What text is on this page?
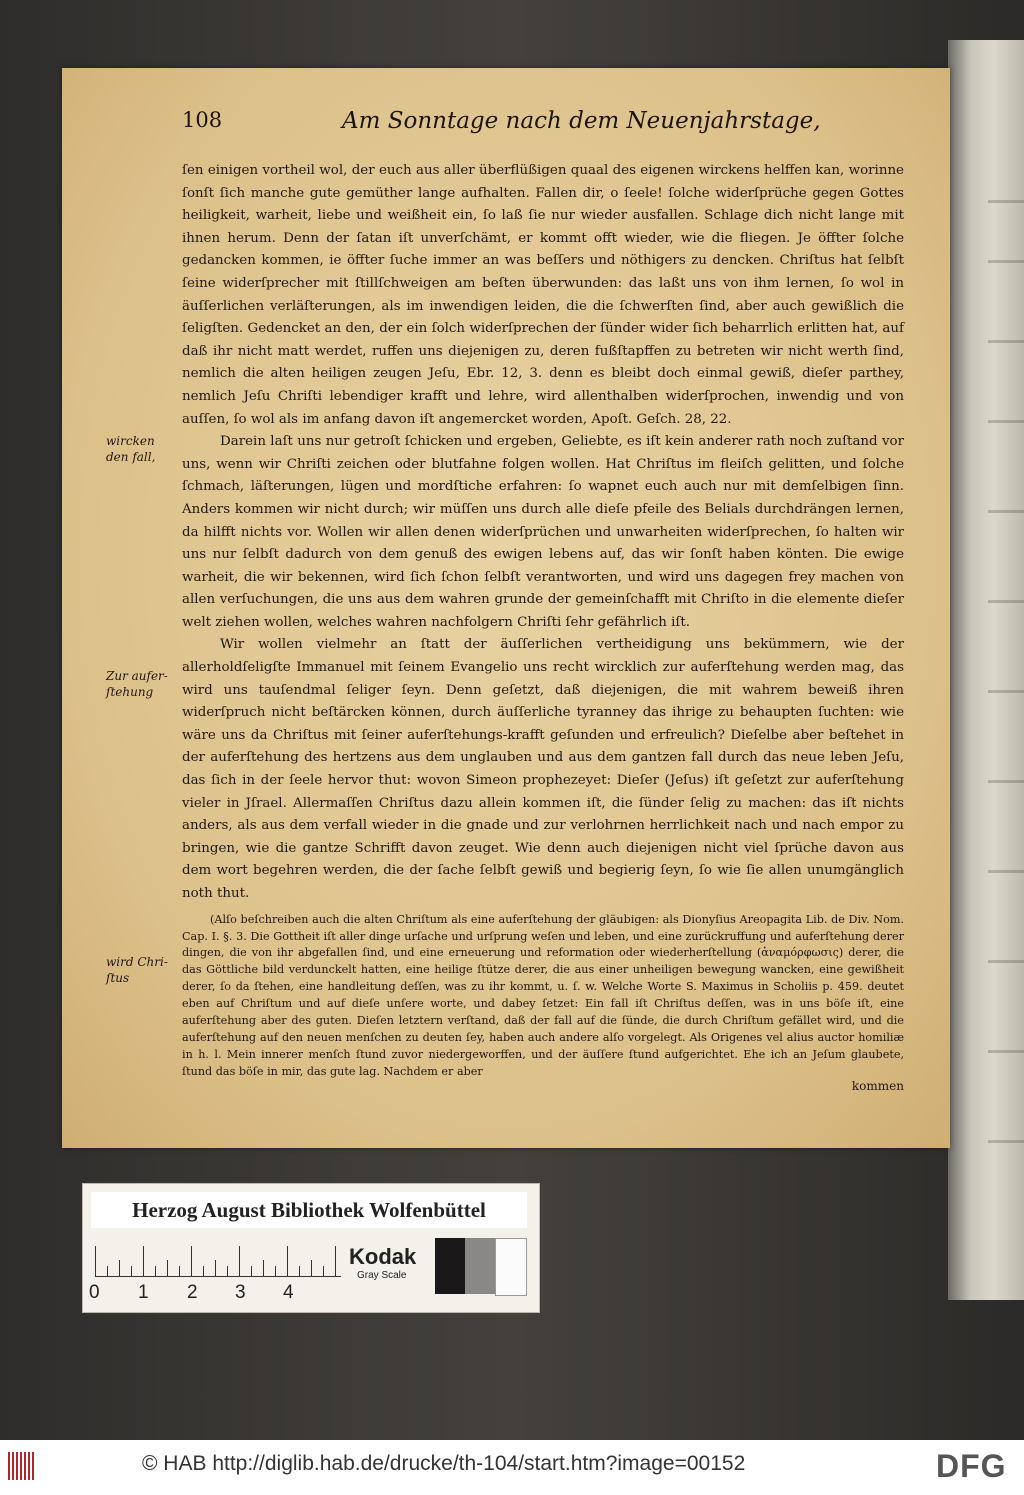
108	Am Sonntage nach dem Neuenjahrstage,
wircken den fall,
Zur aufer-ſtehung
wird Chri-ſtus

ſen einigen vortheil wol, der euch aus aller überflüßigen quaal des eigenen wirckens helffen kan, worinne ſonſt ſich manche gute gemüther lange aufhalten. Fallen dir, o ſeele! ſolche widerſprüche gegen Gottes heiligkeit, warheit, liebe und weißheit ein, ſo laß ſie nur wieder ausfallen. Schlage dich nicht lange mit ihnen herum. Denn der ſatan iſt unverſchämt, er kommt offt wieder, wie die fliegen. Je öffter ſolche gedancken kommen, ie öffter ſuche immer an was beſſers und nöthigers zu dencken. Chriſtus hat ſelbſt ſeine widerſprecher mit ſtillſchweigen am beſten überwunden: das laßt uns von ihm lernen, ſo wol in äuſſerlichen verläſterungen, als im inwendigen leiden, die die ſchwerſten ſind, aber auch gewißlich die ſeligſten. Gedencket an den, der ein ſolch widerſprechen der ſünder wider ſich beharrlich erlitten hat, auf daß ihr nicht matt werdet, ruffen uns diejenigen zu, deren fußſtapffen zu betreten wir nicht werth ſind, nemlich die alten heiligen zeugen Jeſu, Ebr. 12, 3. denn es bleibt doch einmal gewiß, dieſer parthey, nemlich Jeſu Chriſti lebendiger krafft und lehre, wird allenthalben widerſprochen, inwendig und von auſſen, ſo wol als im anfang davon iſt angemercket worden, Apoſt. Geſch. 28, 22.

Darein laſt uns nur getroſt ſchicken und ergeben, Geliebte, es iſt kein anderer rath noch zuſtand vor uns, wenn wir Chriſti zeichen oder blutfahne folgen wollen. Hat Chriſtus im fleiſch gelitten, und ſolche ſchmach, läſterungen, lügen und mordſtiche erfahren: ſo wapnet euch auch nur mit demſelbigen ſinn. Anders kommen wir nicht durch; wir müſſen uns durch alle dieſe pfeile des Belials durchdrängen lernen, da hilfft nichts vor. Wollen wir allen denen widerſprüchen und unwarheiten widerſprechen, ſo halten wir uns nur ſelbſt dadurch von dem genuß des ewigen lebens auf, das wir ſonſt haben könten. Die ewige warheit, die wir bekennen, wird ſich ſchon ſelbſt verantworten, und wird uns dagegen frey machen von allen verſuchungen, die uns aus dem wahren grunde der gemeinſchafft mit Chriſto in die elemente dieſer welt ziehen wollen, welches wahren nachfolgern Chriſti ſehr gefährlich iſt.

Wir wollen vielmehr an ſtatt der äuſſerlichen vertheidigung uns bekümmern, wie der allerholdſeligſte Immanuel mit ſeinem Evangelio uns recht wircklich zur auferſtehung werden mag, das wird uns tauſendmal ſeliger ſeyn. Denn geſetzt, daß diejenigen, die mit wahrem beweiß ihren widerſpruch nicht beſtärcken können, durch äuſſerliche tyranney das ihrige zu behaupten ſuchten: wie wäre uns da Chriſtus mit ſeiner auferſtehungs-krafft geſunden und erfreulich? Dieſelbe aber beſtehet in der auferſtehung des hertzens aus dem unglauben und aus dem gantzen fall durch das neue leben Jeſu, das ſich in der ſeele hervor thut: wovon Simeon prophezeyet: Dieſer (Jeſus) iſt geſetzt zur auferſtehung vieler in Jſrael. Allermaſſen Chriſtus dazu allein kommen iſt, die ſünder ſelig zu machen: das iſt nichts anders, als aus dem verfall wieder in die gnade und zur verlohrnen herrlichkeit nach und nach empor zu bringen, wie die gantze Schrifft davon zeuget. Wie denn auch diejenigen nicht viel ſprüche davon aus dem wort begehren werden, die der ſache ſelbſt gewiß und begierig ſeyn, ſo wie ſie allen unumgänglich noth thut.

(Alſo beſchreiben auch die alten Chriſtum als eine auferſtehung der gläubigen: als Dionyſius Areopagita Lib. de Div. Nom. Cap. I. §. 3. Die Gottheit iſt aller dinge urſache und urſprung weſen und leben, und eine zurückruffung und auferſtehung derer dingen, die von ihr abgefallen ſind, und eine erneuerung und reformation oder wiederherſtellung (ἀναμόρφωσις) derer, die das Göttliche bild verdunckelt hatten, eine heilige ſtütze derer, die aus einer unheiligen bewegung wancken, eine gewißheit derer, ſo da ſtehen, eine handleitung deſſen, was zu ihr kommt, u. ſ. w. Welche Worte S. Maximus in Scholiis p. 459. deutet eben auf Chriſtum und auf dieſe unſere worte, und dabey ſetzet: Ein fall iſt Chriſtus deſſen, was in uns böſe iſt, eine auferſtehung aber des guten. Dieſen letztern verſtand, daß der fall auf die ſünde, die durch Chriſtum gefället wird, und die auferſtehung auf den neuen menſchen zu deuten ſey, haben auch andere alſo vorgelegt. Als Origenes vel alius auctor homiliæ in h. l. Mein innerer menſch ſtund zuvor niedergeworffen, und der äuſſere ſtund aufgerichtet. Ehe ich an Jeſum glaubete, ſtund das böſe in mir, das gute lag. Nachdem er aber

kommen
Herzog August Bibliothek Wolfenbüttel
0 1 2 3 4
Kodak
Gray Scale
© HAB http://diglib.hab.de/drucke/th-104/start.htm?image=00152	DFG
